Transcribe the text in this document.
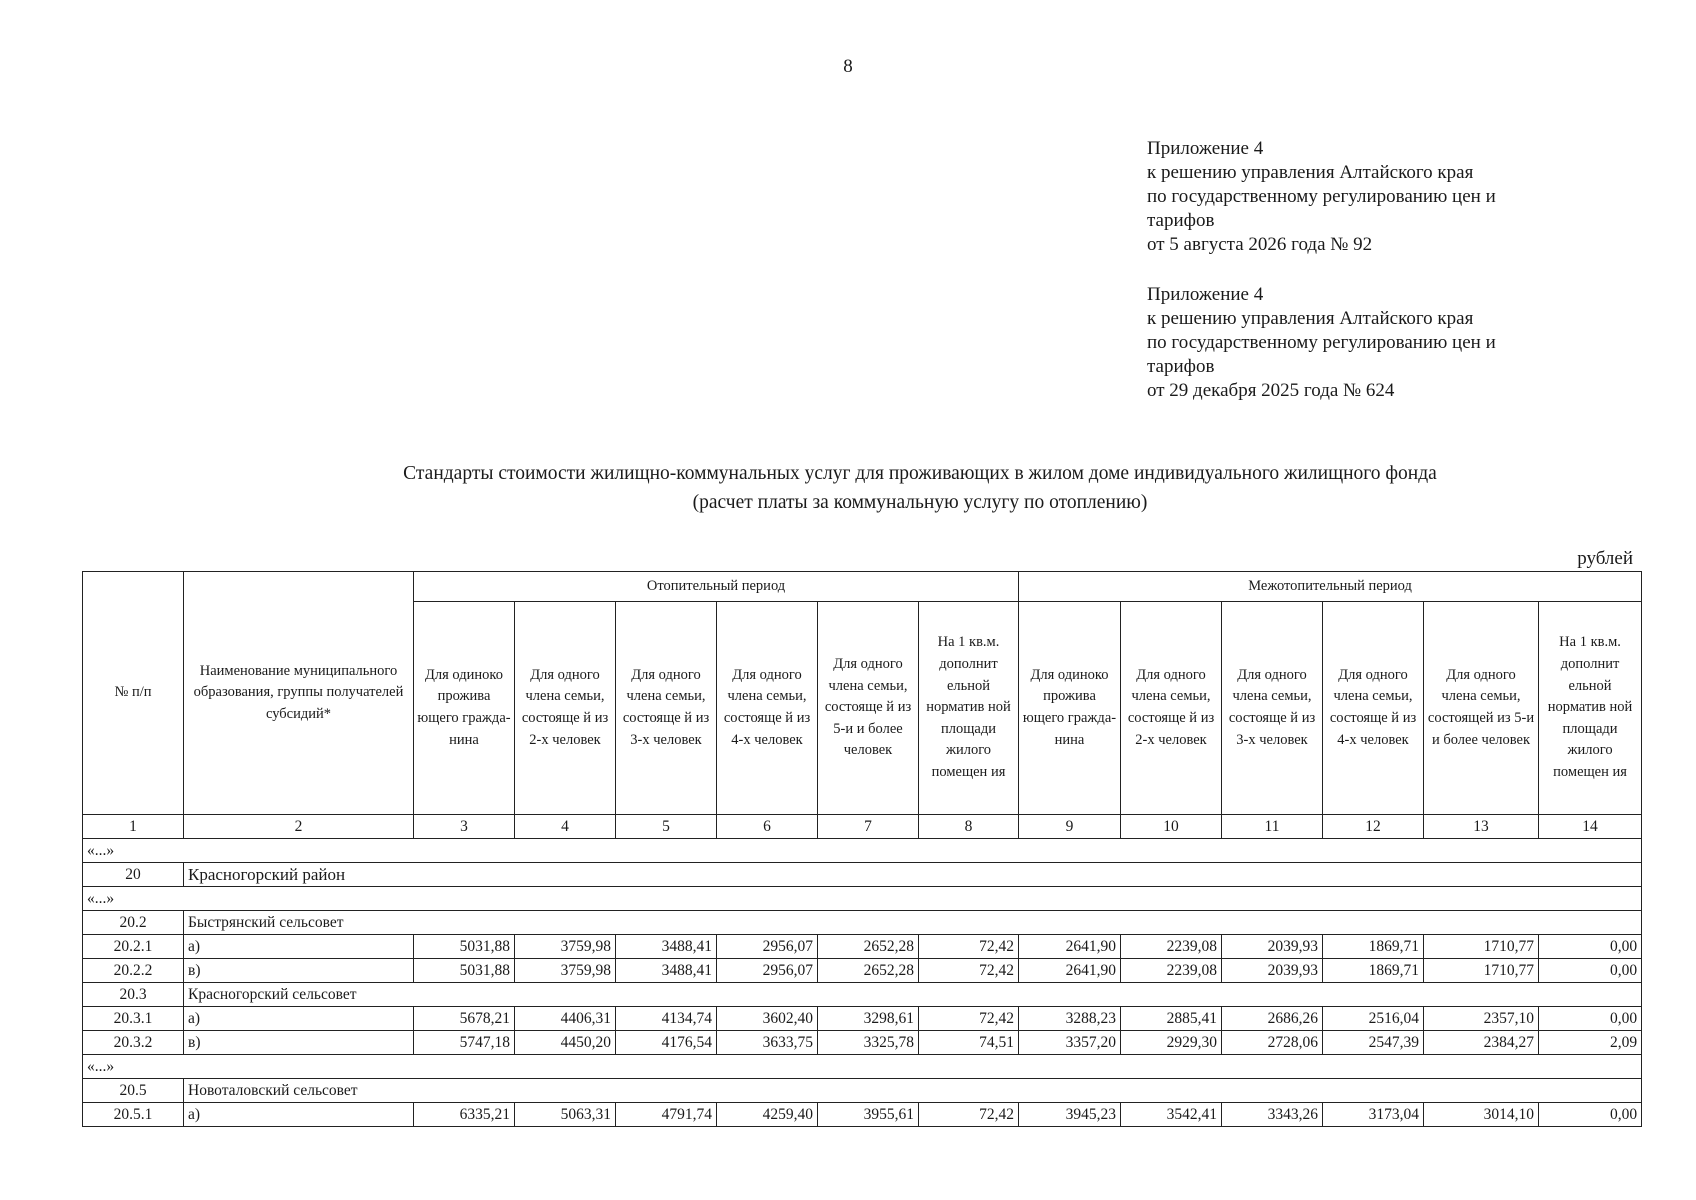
8
Приложение 4
к решению управления Алтайского края
по государственному регулированию цен и
тарифов
от 5 августа 2026 года № 92
Приложение 4
к решению управления Алтайского края
по государственному регулированию цен и
тарифов
от 29 декабря 2025 года № 624
Стандарты стоимости жилищно-коммунальных услуг для проживающих в жилом доме индивидуального жилищного фонда
(расчет платы за коммунальную услугу по отоплению)
рублей
№ п/п	Наименование муниципального образования, группы получателей субсидий*	Отопительный период						Межотопительный период					
		Для одиноко прожива ющего гражда- нина	Для одного члена семьи, состояще й из 2-х человек	Для одного члена семьи, состояще й из 3-х человек	Для одного члена семьи, состояще й из 4-х человек	Для одного члена семьи, состояще й из 5-и и более человек	На 1 кв.м. дополнит ельной норматив ной площади жилого помещен ия	Для одиноко прожива ющего гражда- нина	Для одного члена семьи, состояще й из 2-х человек	Для одного члена семьи, состояще й из 3-х человек	Для одного члена семьи, состояще й из 4-х человек	Для одного члена семьи, состоящей из 5-и и более человек	На 1 кв.м. дополнит ельной норматив ной площади жилого помещен ия
1	2	3	4	5	6	7	8	9	10	11	12	13	14
«...»													
20	Красногорский район												
«...»													
20.2	Быстрянский сельсовет												
20.2.1	а)	5031,88	3759,98	3488,41	2956,07	2652,28	72,42	2641,90	2239,08	2039,93	1869,71	1710,77	0,00
20.2.2	в)	5031,88	3759,98	3488,41	2956,07	2652,28	72,42	2641,90	2239,08	2039,93	1869,71	1710,77	0,00
20.3	Красногорский сельсовет												
20.3.1	а)	5678,21	4406,31	4134,74	3602,40	3298,61	72,42	3288,23	2885,41	2686,26	2516,04	2357,10	0,00
20.3.2	в)	5747,18	4450,20	4176,54	3633,75	3325,78	74,51	3357,20	2929,30	2728,06	2547,39	2384,27	2,09
«...»													
20.5	Новоталовский сельсовет												
20.5.1	а)	6335,21	5063,31	4791,74	4259,40	3955,61	72,42	3945,23	3542,41	3343,26	3173,04	3014,10	0,00
